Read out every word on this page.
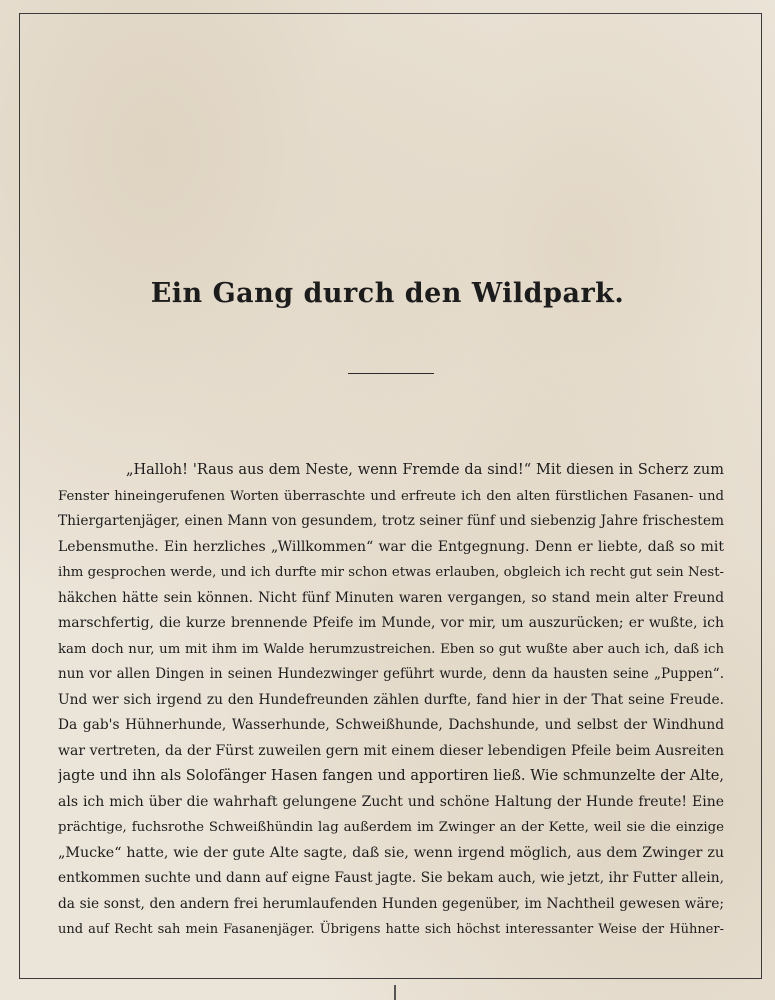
Ein Gang durch den Wildpark.
„Halloh! 'Raus aus dem Neste, wenn Fremde da sind!“ Mit diesen in Scherz zum
Fenster hineingerufenen Worten überraschte und erfreute ich den alten fürstlichen Fasanen- und
Thiergartenjäger, einen Mann von gesundem, trotz seiner fünf und siebenzig Jahre frischestem
Lebensmuthe. Ein herzliches „Willkommen“ war die Entgegnung. Denn er liebte, daß so mit
ihm gesprochen werde, und ich durfte mir schon etwas erlauben, obgleich ich recht gut sein Nest-
häkchen hätte sein können. Nicht fünf Minuten waren vergangen, so stand mein alter Freund
marschfertig, die kurze brennende Pfeife im Munde, vor mir, um auszurücken; er wußte, ich
kam doch nur, um mit ihm im Walde herumzustreichen. Eben so gut wußte aber auch ich, daß ich
nun vor allen Dingen in seinen Hundezwinger geführt wurde, denn da hausten seine „Puppen“.
Und wer sich irgend zu den Hundefreunden zählen durfte, fand hier in der That seine Freude.
Da gab's Hühnerhunde, Wasserhunde, Schweißhunde, Dachshunde, und selbst der Windhund
war vertreten, da der Fürst zuweilen gern mit einem dieser lebendigen Pfeile beim Ausreiten
jagte und ihn als Solofänger Hasen fangen und apportiren ließ. Wie schmunzelte der Alte,
als ich mich über die wahrhaft gelungene Zucht und schöne Haltung der Hunde freute! Eine
prächtige, fuchsrothe Schweißhündin lag außerdem im Zwinger an der Kette, weil sie die einzige
„Mucke“ hatte, wie der gute Alte sagte, daß sie, wenn irgend möglich, aus dem Zwinger zu
entkommen suchte und dann auf eigne Faust jagte. Sie bekam auch, wie jetzt, ihr Futter allein,
da sie sonst, den andern frei herumlaufenden Hunden gegenüber, im Nachtheil gewesen wäre;
und auf Recht sah mein Fasanenjäger. Übrigens hatte sich höchst interessanter Weise der Hühner-
